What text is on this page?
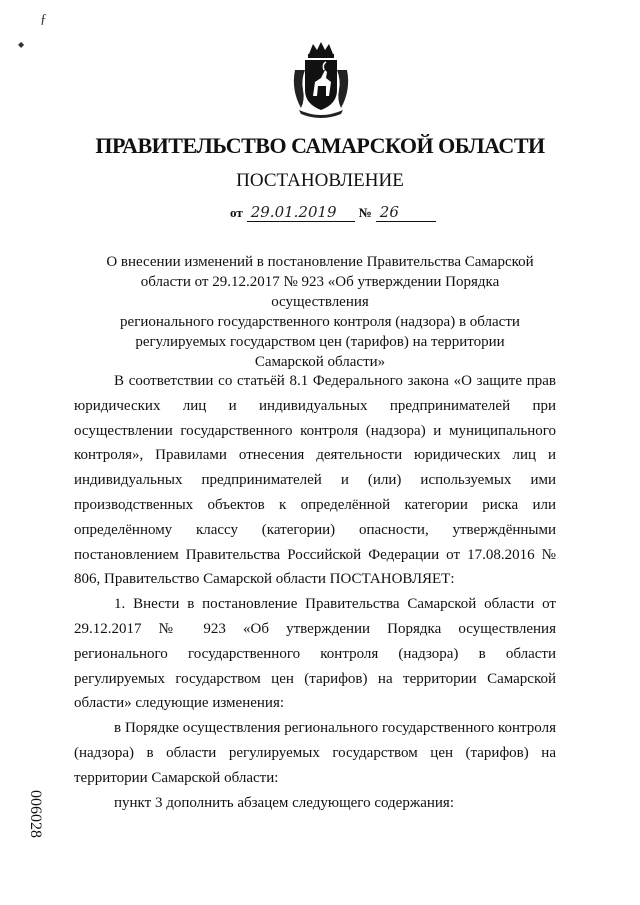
ƒ
◆
ПРАВИТЕЛЬСТВО САМАРСКОЙ ОБЛАСТИ
ПОСТАНОВЛЕНИЕ
от 29.01.2019	№ 26
О внесении изменений в постановление Правительства Самарской
области от 29.12.2017 № 923 «Об утверждении Порядка осуществления
регионального государственного контроля (надзора) в области
регулируемых государством цен (тарифов) на территории
Самарской области»

В соответствии со статьёй 8.1 Федерального закона «О защите прав юридических лиц и индивидуальных предпринимателей при осуществлении государственного контроля (надзора) и муниципального контроля», Правилами отнесения деятельности юридических лиц и индивидуальных предпринимателей и (или) используемых ими производственных объектов к определённой категории риска или определённому классу (категории) опасности, утверждёнными постановлением Правительства Российской Федерации от 17.08.2016 № 806, Правительство Самарской области ПОСТАНОВЛЯЕТ:

1. Внести в постановление Правительства Самарской области от 29.12.2017 № 923 «Об утверждении Порядка осуществления регионального государственного контроля (надзора) в области регулируемых государством цен (тарифов) на территории Самарской области» следующие изменения:

в Порядке осуществления регионального государственного контроля (надзора) в области регулируемых государством цен (тарифов) на территории Самарской области:

пункт 3 дополнить абзацем следующего содержания:

006028
